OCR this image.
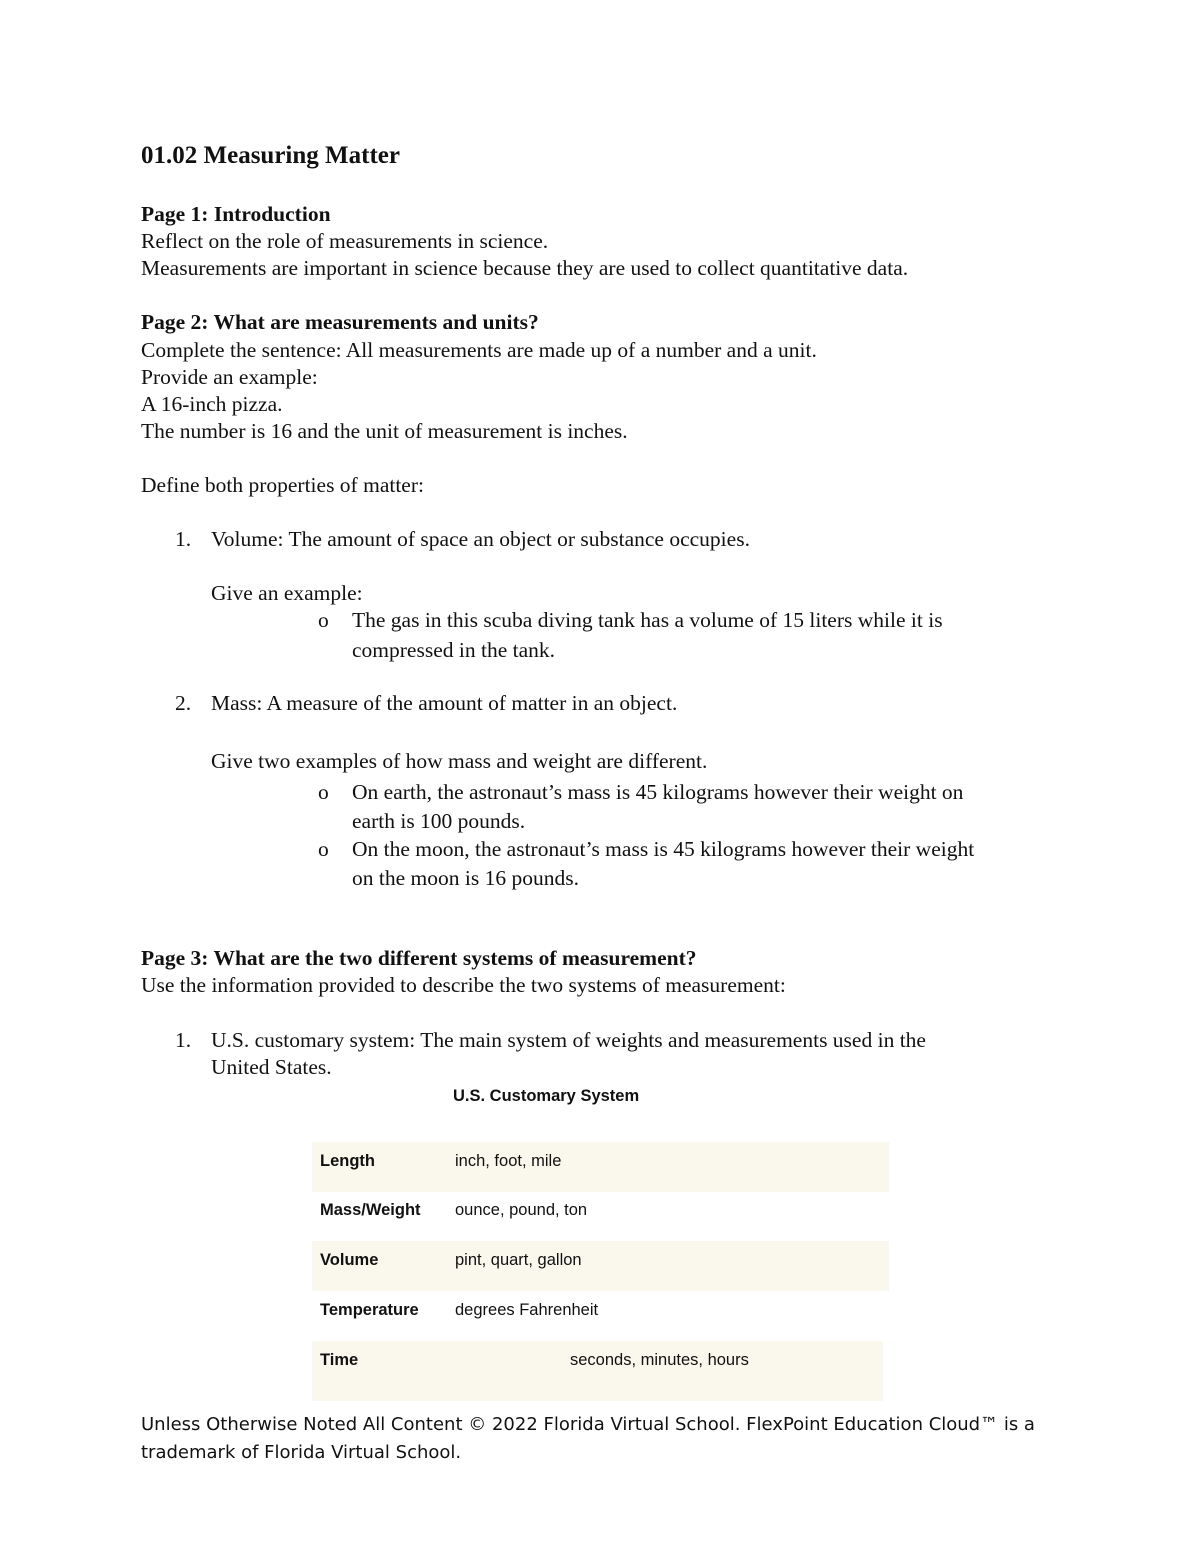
01.02 Measuring Matter
Page 1: Introduction
Reflect on the role of measurements in science.
Measurements are important in science because they are used to collect quantitative data.
Page 2: What are measurements and units?
Complete the sentence: All measurements are made up of a number and a unit.
Provide an example:
A 16-inch pizza.
The number is 16 and the unit of measurement is inches.
Define both properties of matter:
1. Volume: The amount of space an object or substance occupies.
Give an example:
o The gas in this scuba diving tank has a volume of 15 liters while it is
compressed in the tank.
2. Mass: A measure of the amount of matter in an object.
Give two examples of how mass and weight are different.
o On earth, the astronaut’s mass is 45 kilograms however their weight on
earth is 100 pounds.
o On the moon, the astronaut’s mass is 45 kilograms however their weight
on the moon is 16 pounds.
Page 3: What are the two different systems of measurement?
Use the information provided to describe the two systems of measurement:
1. U.S. customary system: The main system of weights and measurements used in the
United States.
U.S. Customary System
Length	inch, foot, mile
Mass/Weight ounce, pound, ton
Volume	pint, quart, gallon
Temperature degrees Fahrenheit
Time	seconds, minutes, hours
Unless Otherwise Noted All Content © 2022 Florida Virtual School. FlexPoint Education Cloud™ is a
trademark of Florida Virtual School.
